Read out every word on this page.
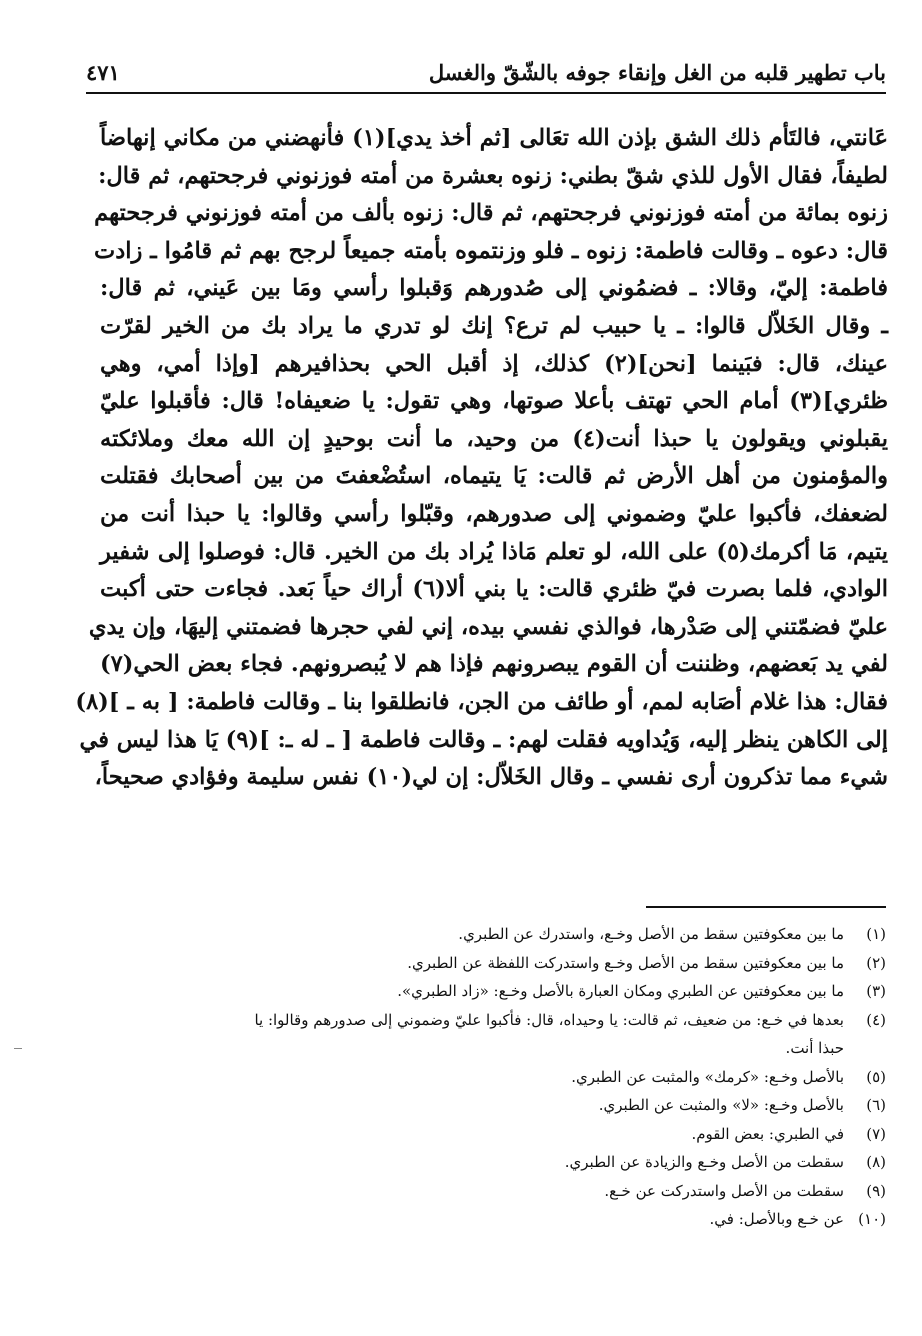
باب تطهير قلبه من الغل وإنقاء جوفه بالشّقّ والغسل
٤٧١
عَانتي، فالتَأم ذلك الشق بإذن الله تعَالى [ثم أخذ يدي](١) فأنهضني من مكاني إنهاضاً
لطيفاً، فقال الأول للذي شقّ بطني: زنوه بعشرة من أمته فوزنوني فرجحتهم، ثم قال:
زنوه بمائة من أمته فوزنوني فرجحتهم، ثم قال: زنوه بألف من أمته فوزنوني فرجحتهم
قال: دعوه ـ وقالت فاطمة: زنوه ـ فلو وزنتموه بأمته جميعاً لرجح بهم ثم قامُوا ـ زادت
فاطمة: إليّ، وقالا: ـ فضمُوني إلى صُدورهم وَقبلوا رأسي ومَا بين عَيني، ثم قال:
ـ وقال الخَلاّل قالوا: ـ يا حبيب لم ترع؟ إنك لو تدري ما يراد بك من الخير لقرّت
عينك، قال: فبَينما [نحن](٢) كذلك، إذ أقبل الحي بحذافيرهم [وإذا أمي، وهي
ظئري](٣) أمام الحي تهتف بأعلا صوتها، وهي تقول: يا ضعيفاه! قال: فأقبلوا عليّ
يقبلوني ويقولون يا حبذا أنت(٤) من وحيد، ما أنت بوحيدٍ إن الله معك وملائكته
والمؤمنون من أهل الأرض ثم قالت: يَا يتيماه، استُضْعفتَ من بين أصحابك فقتلت
لضعفك، فأكبوا عليّ وضموني إلى صدورهم، وقبّلوا رأسي وقالوا: يا حبذا أنت من
يتيم، مَا أكرمك(٥) على الله، لو تعلم مَاذا يُراد بك من الخير. قال: فوصلوا إلى شفير
الوادي، فلما بصرت فيّ ظئري قالت: يا بني ألا(٦) أراك حياً بَعد. فجاءت حتى أكبت
عليّ فضمّتني إلى صَدْرها، فوالذي نفسي بيده، إني لفي حجرها فضمتني إليهَا، وإن يدي
لفي يد بَعضهم، وظننت أن القوم يبصرونهم فإذا هم لا يُبصرونهم. فجاء بعض الحي(٧)
فقال: هذا غلام أصَابه لمم، أو طائف من الجن، فانطلقوا بنا ـ وقالت فاطمة: [ به ـ ](٨)
إلى الكاهن ينظر إليه، وَيُداويه فقلت لهم: ـ وقالت فاطمة [ ـ له ـ: ](٩) يَا هذا ليس في
شيء مما تذكرون أرى نفسي ـ وقال الخَلاّل: إن لي(١٠) نفس سليمة وفؤادي صحيحاً،
(١)ما بين معكوفتين سقط من الأصل وخـع، واستدرك عن الطبري.
(٢)ما بين معكوفتين سقط من الأصل وخـع واستدركت اللفظة عن الطبري.
(٣)ما بين معكوفتين عن الطبري ومكان العبارة بالأصل وخـع: «زاد الطبري».
(٤)بعدها في خـع: من ضعيف، ثم قالت: يا وحيداه، قال: فأكبوا عليّ وضموني إلى صدورهم وقالوا: يا
حبذا أنت.
(٥)بالأصل وخـع: «كرمك» والمثبت عن الطبري.
(٦)بالأصل وخـع: «لا» والمثبت عن الطبري.
(٧)في الطبري: بعض القوم.
(٨)سقطت من الأصل وخـع والزيادة عن الطبري.
(٩)سقطت من الأصل واستدركت عن خـع.
(١٠)عن خـع وبالأصل: في.
